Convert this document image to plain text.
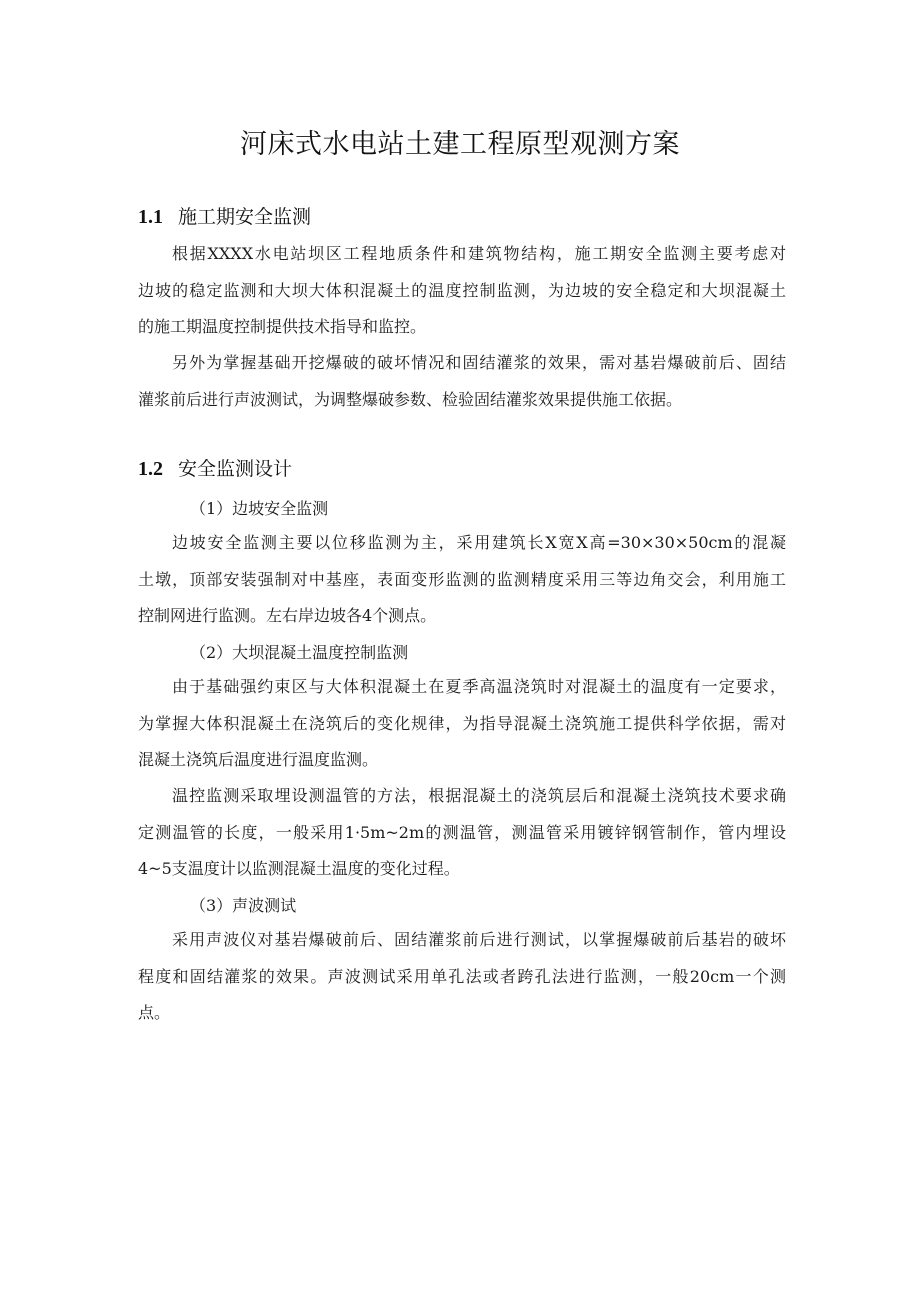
河床式水电站土建工程原型观测方案
1.1 施工期安全监测
根据XXXX水电站坝区工程地质条件和建筑物结构，施工期安全监测主要考虑对
边坡的稳定监测和大坝大体积混凝土的温度控制监测，为边坡的安全稳定和大坝混凝土
的施工期温度控制提供技术指导和监控。
另外为掌握基础开挖爆破的破坏情况和固结灌浆的效果，需对基岩爆破前后、固结
灌浆前后进行声波测试，为调整爆破参数、检验固结灌浆效果提供施工依据。
1.2 安全监测设计
（1）边坡安全监测
边坡安全监测主要以位移监测为主，采用建筑长X宽X高=30×30×50cm的混凝
土墩，顶部安装强制对中基座，表面变形监测的监测精度采用三等边角交会，利用施工
控制网进行监测。左右岸边坡各4个测点。
（2）大坝混凝土温度控制监测
由于基础强约束区与大体积混凝土在夏季高温浇筑时对混凝土的温度有一定要求，
为掌握大体积混凝土在浇筑后的变化规律，为指导混凝土浇筑施工提供科学依据，需对
混凝土浇筑后温度进行温度监测。
温控监测采取埋设测温管的方法，根据混凝土的浇筑层后和混凝土浇筑技术要求确
定测温管的长度，一般采用1·5m~2m的测温管，测温管采用镀锌钢管制作，管内埋设
4~5支温度计以监测混凝土温度的变化过程。
（3）声波测试
采用声波仪对基岩爆破前后、固结灌浆前后进行测试，以掌握爆破前后基岩的破坏
程度和固结灌浆的效果。声波测试采用单孔法或者跨孔法进行监测，一般20cm一个测
点。
